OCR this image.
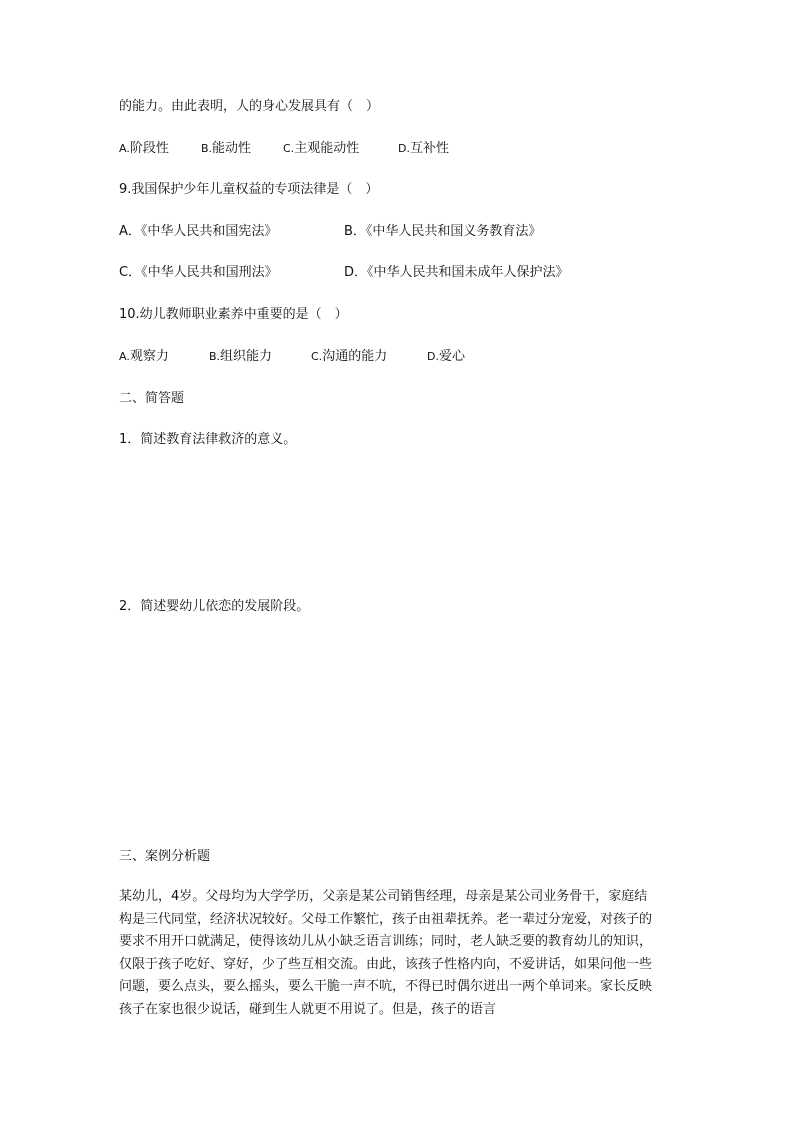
的能力。由此表明，人的身心发展具有（　）
A.阶段性	B.能动性	C.主观能动性	D.互补性
9.我国保护少年儿童权益的专项法律是（　）
A．《中华人民共和国宪法》	B．《中华人民共和国义务教育法》
C．《中华人民共和国刑法》	D．《中华人民共和国未成年人保护法》
10.幼儿教师职业素养中重要的是（　）
A.观察力	B.组织能力	C.沟通的能力	D.爱心
二、简答题
1．简述教育法律救济的意义。
2．简述婴幼儿依恋的发展阶段。
三、案例分析题

某幼儿，4岁。父母均为大学学历，父亲是某公司销售经理，母亲是某公司业务骨干，家庭结构是三代同堂，经济状况较好。父母工作繁忙，孩子由祖辈抚养。老一辈过分宠爱，对孩子的要求不用开口就满足，使得该幼儿从小缺乏语言训练；同时，老人缺乏要的教育幼儿的知识，仅限于孩子吃好、穿好，少了些互相交流。由此，该孩子性格内向，不爱讲话，如果问他一些问题，要么点头，要么摇头，要么干脆一声不吭，不得已时偶尔迸出一两个单词来。家长反映孩子在家也很少说话，碰到生人就更不用说了。但是，孩子的语言
